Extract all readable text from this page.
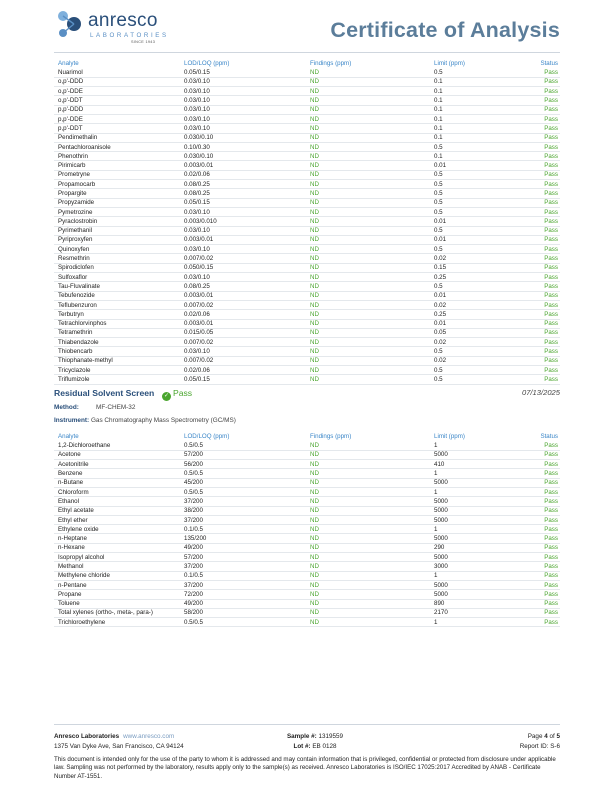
anresco
LABORATORIES
SINCE 1943	Certificate of Analysis
Analyte	LOD/LOQ (ppm)	Findings (ppm)	Limit (ppm)	Status
Nuarimol	0.05/0.15	ND	0.5	Pass
o,p'-DDD	0.03/0.10	ND	0.1	Pass
o,p'-DDE	0.03/0.10	ND	0.1	Pass
o,p'-DDT	0.03/0.10	ND	0.1	Pass
p,p'-DDD	0.03/0.10	ND	0.1	Pass
p,p'-DDE	0.03/0.10	ND	0.1	Pass
p,p'-DDT	0.03/0.10	ND	0.1	Pass
Pendimethalin	0.030/0.10	ND	0.1	Pass
Pentachloroanisole	0.10/0.30	ND	0.5	Pass
Phenothrin	0.030/0.10	ND	0.1	Pass
Pirimicarb	0.003/0.01	ND	0.01	Pass
Prometryne	0.02/0.06	ND	0.5	Pass
Propamocarb	0.08/0.25	ND	0.5	Pass
Propargite	0.08/0.25	ND	0.5	Pass
Propyzamide	0.05/0.15	ND	0.5	Pass
Pymetrozine	0.03/0.10	ND	0.5	Pass
Pyraclostrobin	0.003/0.010	ND	0.01	Pass
Pyrimethanil	0.03/0.10	ND	0.5	Pass
Pyriproxyfen	0.003/0.01	ND	0.01	Pass
Quinoxyfen	0.03/0.10	ND	0.5	Pass
Resmethrin	0.007/0.02	ND	0.02	Pass
Spirodiclofen	0.050/0.15	ND	0.15	Pass
Sulfoxaflor	0.03/0.10	ND	0.25	Pass
Tau-Fluvalinate	0.08/0.25	ND	0.5	Pass
Tebufenozide	0.003/0.01	ND	0.01	Pass
Teflubenzuron	0.007/0.02	ND	0.02	Pass
Terbutryn	0.02/0.06	ND	0.25	Pass
Tetrachlorvinphos	0.003/0.01	ND	0.01	Pass
Tetramethrin	0.015/0.05	ND	0.05	Pass
Thiabendazole	0.007/0.02	ND	0.02	Pass
Thiobencarb	0.03/0.10	ND	0.5	Pass
Thiophanate-methyl	0.007/0.02	ND	0.02	Pass
Tricyclazole	0.02/0.06	ND	0.5	Pass
Triflumizole	0.05/0.15	ND	0.5	Pass
Residual Solvent Screen	✓ Pass	07/13/2025
Method:	MF-CHEM-32
Instrument: Gas Chromatography Mass Spectrometry (GC/MS)
Analyte	LOD/LOQ (ppm)	Findings (ppm)	Limit (ppm)	Status
1,2-Dichloroethane	0.5/0.5	ND	1	Pass
Acetone	57/200	ND	5000	Pass
Acetonitrile	56/200	ND	410	Pass
Benzene	0.5/0.5	ND	1	Pass
n-Butane	45/200	ND	5000	Pass
Chloroform	0.5/0.5	ND	1	Pass
Ethanol	37/200	ND	5000	Pass
Ethyl acetate	38/200	ND	5000	Pass
Ethyl ether	37/200	ND	5000	Pass
Ethylene oxide	0.1/0.5	ND	1	Pass
n-Heptane	135/200	ND	5000	Pass
n-Hexane	49/200	ND	290	Pass
Isopropyl alcohol	57/200	ND	5000	Pass
Methanol	37/200	ND	3000	Pass
Methylene chloride	0.1/0.5	ND	1	Pass
n-Pentane	37/200	ND	5000	Pass
Propane	72/200	ND	5000	Pass
Toluene	49/200	ND	890	Pass
Total xylenes (ortho-, meta-, para-)	58/200	ND	2170	Pass
Trichloroethylene	0.5/0.5	ND	1	Pass
Anresco Laboratories www.anresco.com
1375 Van Dyke Ave, San Francisco, CA 94124
Sample #: 1319559
Lot #: EB 0128
Page 4 of 5
Report ID: S-6
This document is intended only for the use of the party to whom it is addressed and may contain information that is privileged, confidential or protected from disclosure under applicable law. Sampling was not performed by the laboratory, results apply only to the sample(s) as received. Anresco Laboratories is ISO/IEC 17025:2017 Accredited by ANAB - Certificate Number AT-1551.
